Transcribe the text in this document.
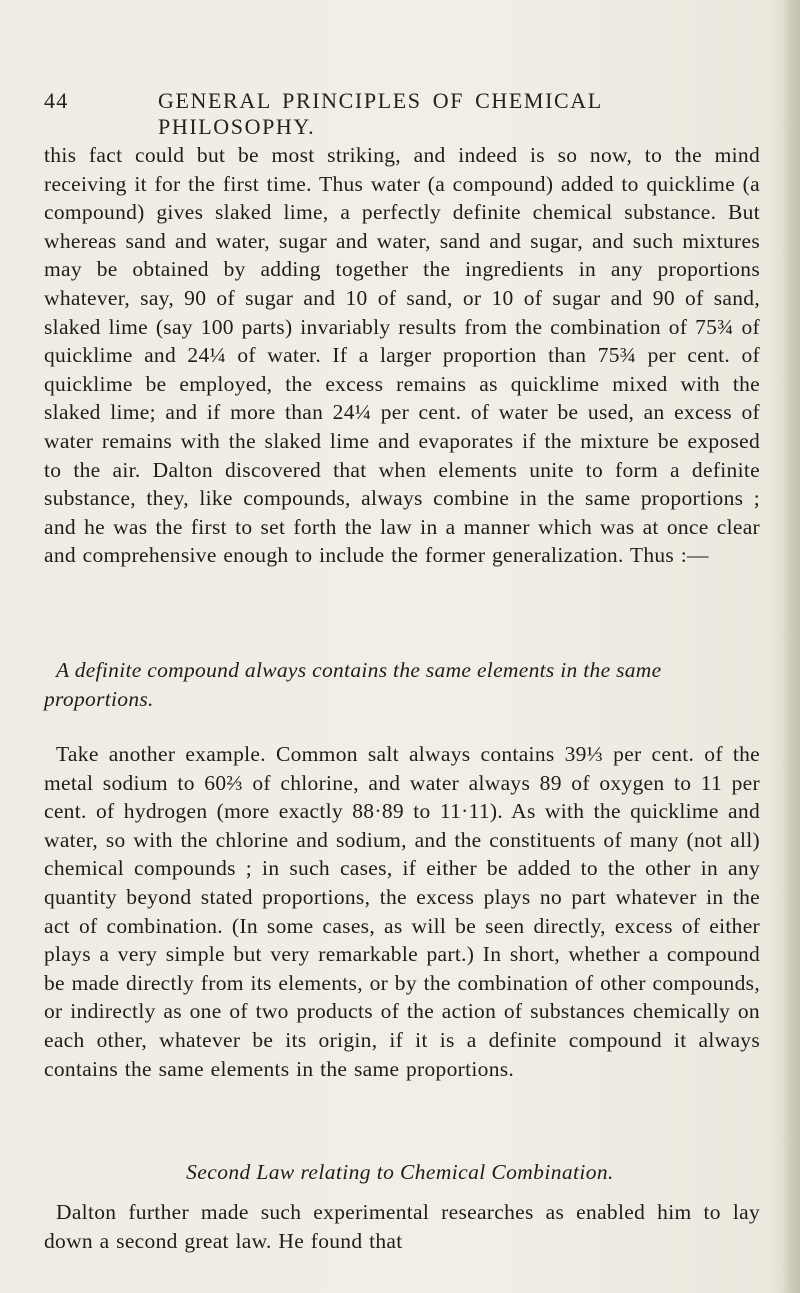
44	GENERAL PRINCIPLES OF CHEMICAL PHILOSOPHY.

this fact could but be most striking, and indeed is so now, to the mind receiving it for the first time. Thus water (a compound) added to quicklime (a compound) gives slaked lime, a perfectly definite chemical substance. But whereas sand and water, sugar and water, sand and sugar, and such mixtures may be obtained by adding together the ingredients in any proportions whatever, say, 90 of sugar and 10 of sand, or 10 of sugar and 90 of sand, slaked lime (say 100 parts) invariably results from the combination of 75¾ of quicklime and 24¼ of water. If a larger proportion than 75¾ per cent. of quicklime be employed, the excess remains as quicklime mixed with the slaked lime; and if more than 24¼ per cent. of water be used, an excess of water remains with the slaked lime and evaporates if the mixture be exposed to the air. Dalton discovered that when elements unite to form a definite substance, they, like compounds, always combine in the same proportions ; and he was the first to set forth the law in a manner which was at once clear and comprehensive enough to include the former generalization. Thus :—

A definite compound always contains the same elements in the same proportions.

Take another example. Common salt always contains 39⅓ per cent. of the metal sodium to 60⅔ of chlorine, and water always 89 of oxygen to 11 per cent. of hydrogen (more exactly 88·89 to 11·11). As with the quicklime and water, so with the chlorine and sodium, and the constituents of many (not all) chemical compounds ; in such cases, if either be added to the other in any quantity beyond stated proportions, the excess plays no part whatever in the act of combination. (In some cases, as will be seen directly, excess of either plays a very simple but very remarkable part.) In short, whether a compound be made directly from its elements, or by the combination of other compounds, or indirectly as one of two products of the action of substances chemically on each other, whatever be its origin, if it is a definite compound it always contains the same elements in the same proportions.

Second Law relating to Chemical Combination.

Dalton further made such experimental researches as enabled him to lay down a second great law. He found that
